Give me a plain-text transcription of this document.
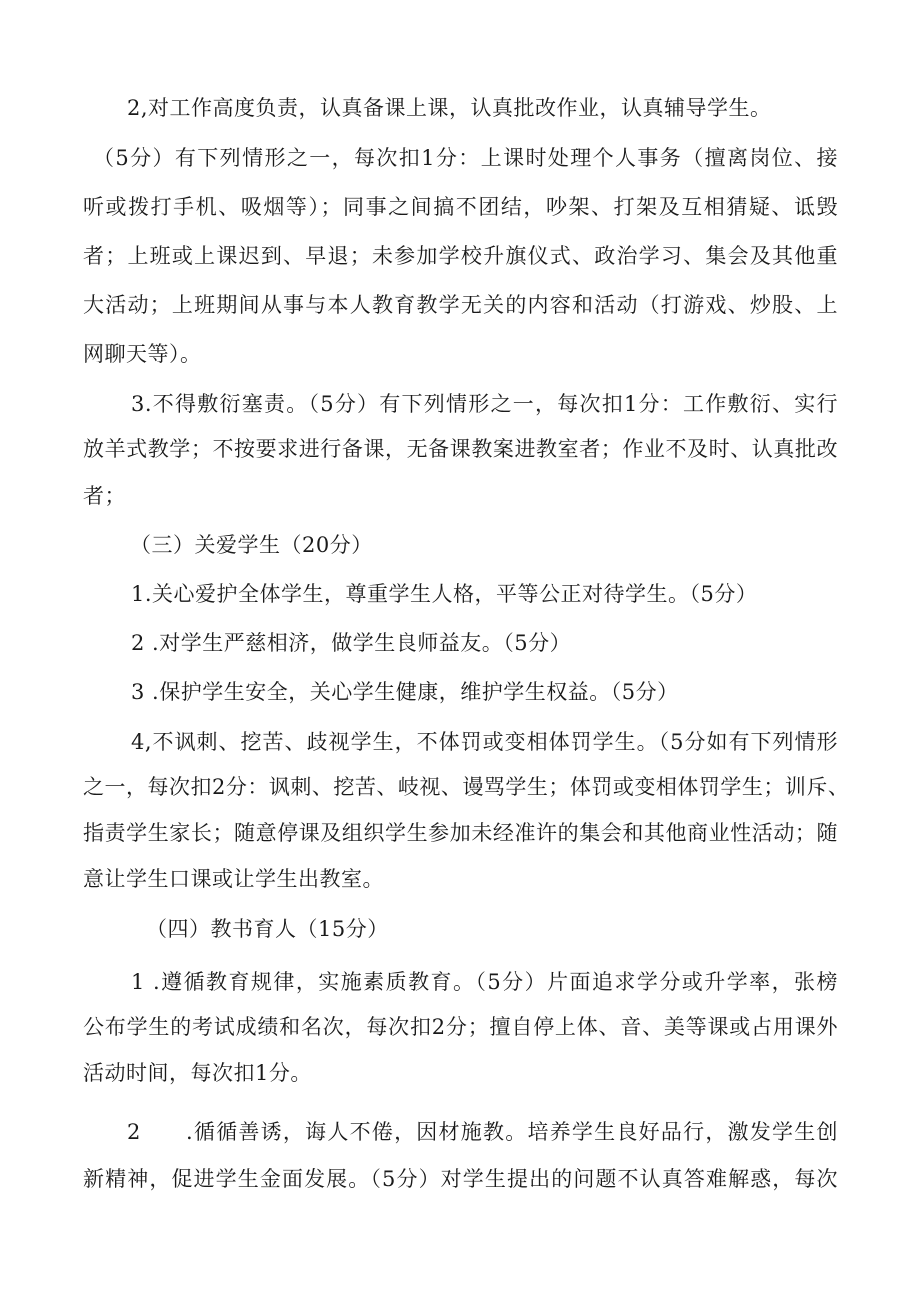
2,对工作高度负责，认真备课上课，认真批改作业，认真辅导学生。
（5分）有下列情形之一，每次扣1分：上课时处理个人事务（擅离岗位、接
听或拨打手机、吸烟等）；同事之间搞不团结，吵架、打架及互相猜疑、诋毁
者；上班或上课迟到、早退；未参加学校升旗仪式、政治学习、集会及其他重
大活动；上班期间从事与本人教育教学无关的内容和活动（打游戏、炒股、上
网聊天等）。
3.不得敷衍塞责。（5分）有下列情形之一，每次扣1分：工作敷衍、实行
放羊式教学；不按要求进行备课，无备课教案进教室者；作业不及时、认真批改
者；
（三）关爱学生（20分）
1.关心爱护全体学生，尊重学生人格，平等公正对待学生。（5分）
2 .对学生严慈相济，做学生良师益友。（5分）
3 .保护学生安全，关心学生健康，维护学生权益。（5分）
4,不讽刺、挖苦、歧视学生，不体罚或变相体罚学生。（5分如有下列情形
之一，每次扣2分：讽刺、挖苦、岐视、谩骂学生；体罚或变相体罚学生；训斥、
指责学生家长；随意停课及组织学生参加未经准许的集会和其他商业性活动；随
意让学生口课或让学生出教室。
（四）教书育人（15分）
1 .遵循教育规律，实施素质教育。（5分）片面追求学分或升学率，张榜
公布学生的考试成绩和名次，每次扣2分；擅自停上体、音、美等课或占用课外
活动时间，每次扣1分。
2　　.循循善诱，诲人不倦，因材施教。培养学生良好品行，激发学生创
新精神，促进学生金面发展。（5分）对学生提出的问题不认真答难解惑，每次
